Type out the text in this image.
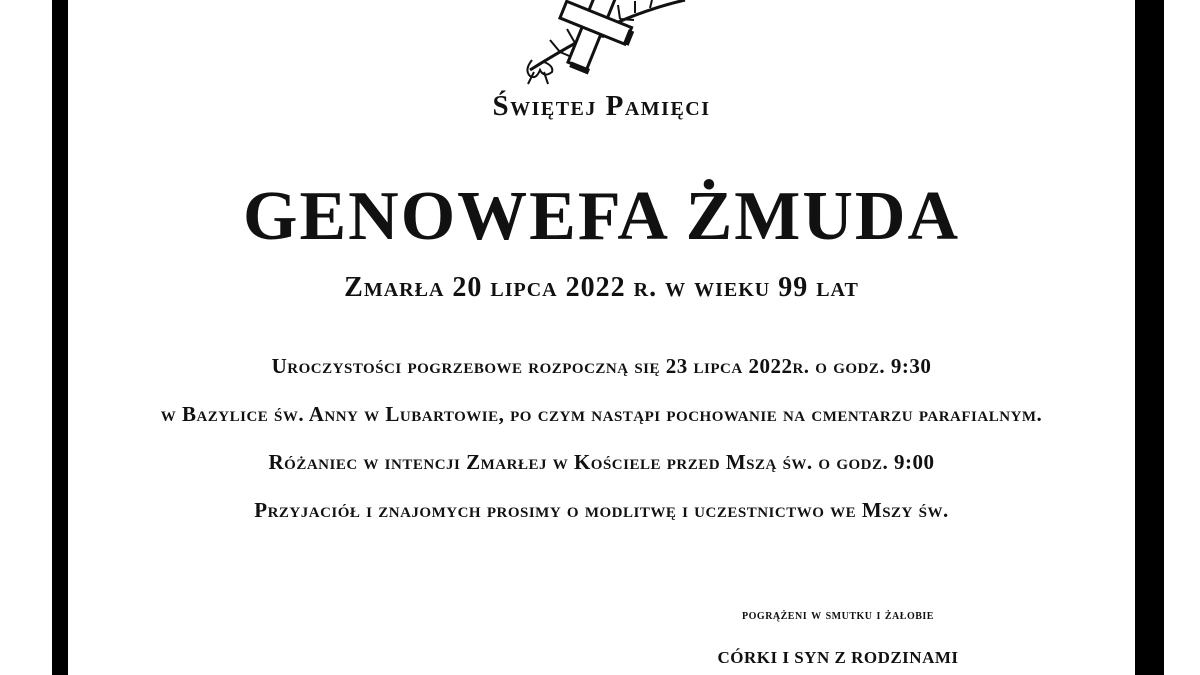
Świętej Pamięci
GENOWEFA ŻMUDA
Zmarła 20 lipca 2022 r. w wieku 99 lat
Uroczystości pogrzebowe rozpoczną się 23 lipca 2022r. o godz. 9:30
w Bazylice św. Anny w Lubartowie, po czym nastąpi pochowanie na cmentarzu parafialnym.
Różaniec w intencji Zmarłej w Kościele przed Mszą św. o godz. 9:00
Przyjaciół i znajomych prosimy o modlitwę i uczestnictwo we Mszy św.
pogrążeni w smutku i żałobie
CÓRKI I SYN Z RODZINAMI
